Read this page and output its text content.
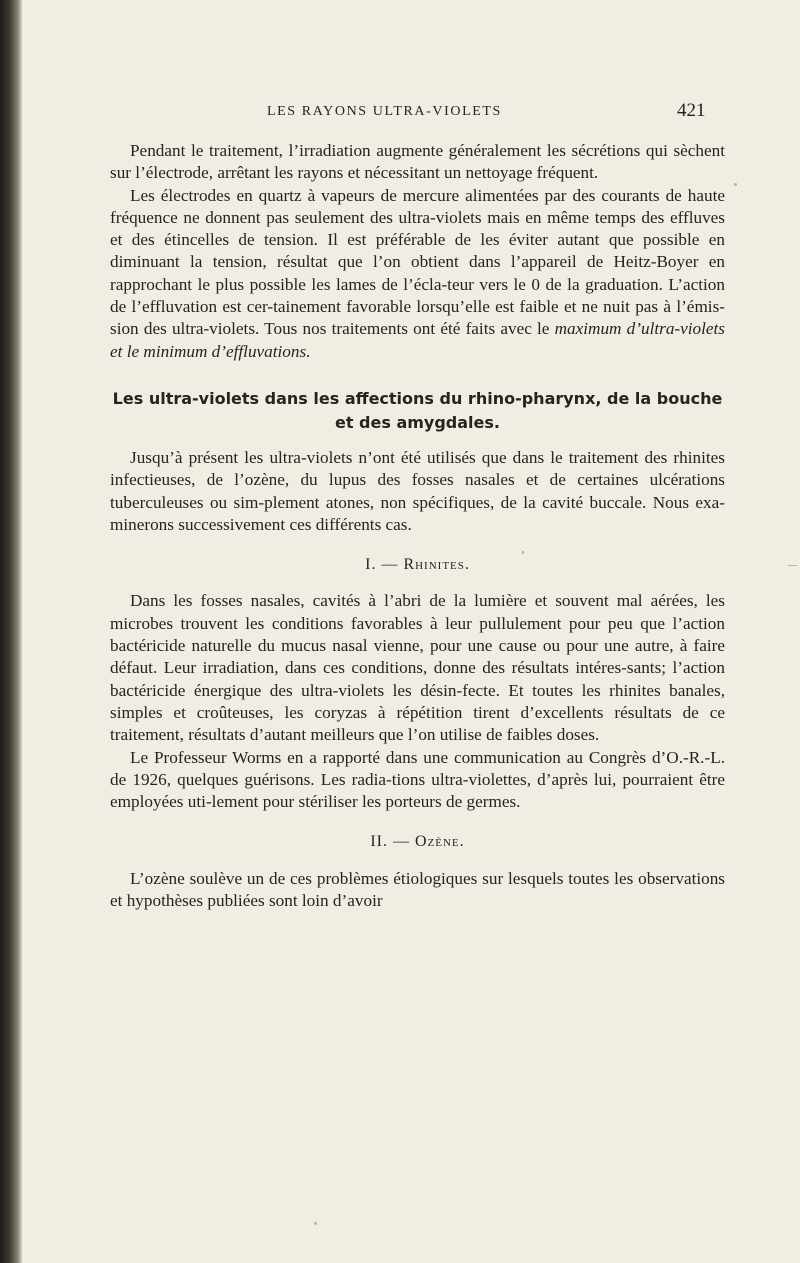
LES RAYONS ULTRA-VIOLETS	421

Pendant le traitement, l’irradiation augmente généralement les sécrétions qui sèchent sur l’électrode, arrêtant les rayons et nécessitant un nettoyage fréquent.

Les électrodes en quartz à vapeurs de mercure alimentées par des courants de haute fréquence ne donnent pas seulement des ultra-violets mais en même temps des effluves et des étincelles de tension. Il est préférable de les éviter autant que possible en diminuant la tension, résultat que l’on obtient dans l’appareil de Heitz-Boyer en rapprochant le plus possible les lames de l’écla-teur vers le 0 de la graduation. L’action de l’effluvation est cer-tainement favorable lorsqu’elle est faible et ne nuit pas à l’émis-sion des ultra-violets. Tous nos traitements ont été faits avec le maximum d’ultra-violets et le minimum d’effluvations.

Les ultra-violets dans les affections du rhino-pharynx, de la bouche et des amygdales.

Jusqu’à présent les ultra-violets n’ont été utilisés que dans le traitement des rhinites infectieuses, de l’ozène, du lupus des fosses nasales et de certaines ulcérations tuberculeuses ou sim-plement atones, non spécifiques, de la cavité buccale. Nous exa-minerons successivement ces différents cas.

I. — Rhinites.

Dans les fosses nasales, cavités à l’abri de la lumière et souvent mal aérées, les microbes trouvent les conditions favorables à leur pullulement pour peu que l’action bactéricide naturelle du mucus nasal vienne, pour une cause ou pour une autre, à faire défaut. Leur irradiation, dans ces conditions, donne des résultats intéres-sants; l’action bactéricide énergique des ultra-violets les désin-fecte. Et toutes les rhinites banales, simples et croûteuses, les coryzas à répétition tirent d’excellents résultats de ce traitement, résultats d’autant meilleurs que l’on utilise de faibles doses.

Le Professeur Worms en a rapporté dans une communication au Congrès d’O.-R.-L. de 1926, quelques guérisons. Les radia-tions ultra-violettes, d’après lui, pourraient être employées uti-lement pour stériliser les porteurs de germes.

II. — Ozène.

L’ozène soulève un de ces problèmes étiologiques sur lesquels toutes les observations et hypothèses publiées sont loin d’avoir
